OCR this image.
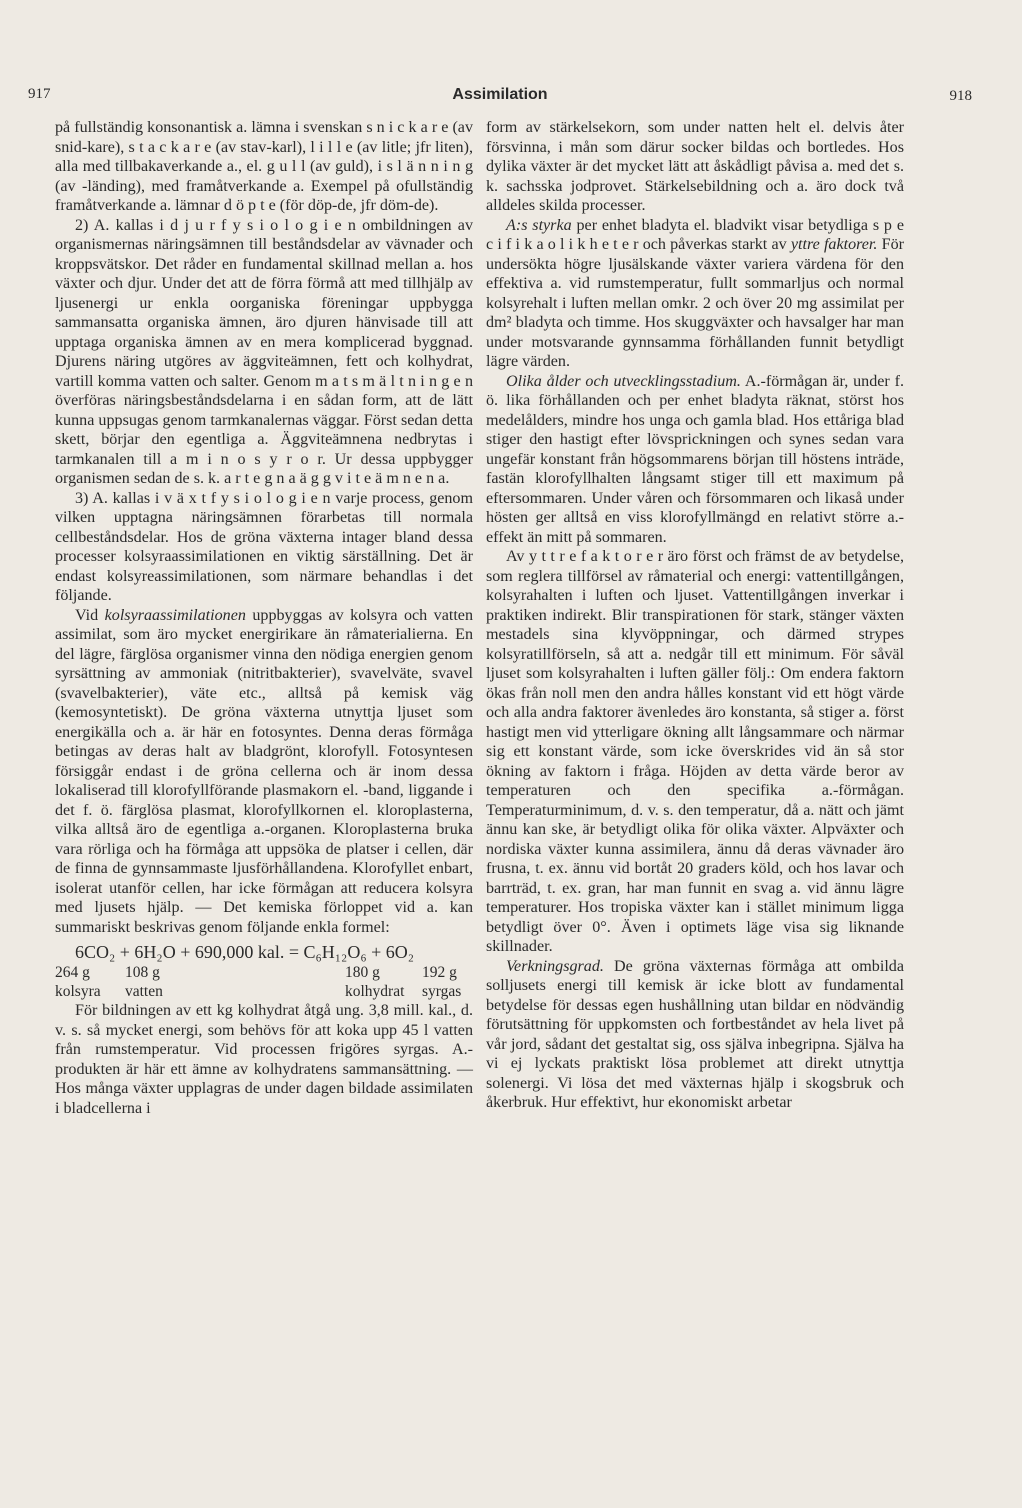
917	Assimilation	918

på fullständig konsonantisk a. lämna i svenskan s n i c k a r e (av snid-kare), s t a c k a r e (av stav-karl), l i l l e (av litle; jfr liten), alla med tillbakaverkande a., el. g u l l (av guld), i s l ä n n i n g (av -länding), med framåtverkande a. Exempel på ofullständig framåtverkande a. lämnar d ö p t e (för döp-de, jfr döm-de).

2) A. kallas i d j u r f y s i o l o g i e n ombildningen av organismernas näringsämnen till beståndsdelar av vävnader och kroppsvätskor. Det råder en fundamental skillnad mellan a. hos växter och djur. Under det att de förra förmå att med tillhjälp av ljusenergi ur enkla oorganiska föreningar uppbygga sammansatta organiska ämnen, äro djuren hänvisade till att upptaga organiska ämnen av en mera komplicerad byggnad. Djurens näring utgöres av äggviteämnen, fett och kolhydrat, vartill komma vatten och salter. Genom m a t s m ä l t n i n g e n överföras näringsbeståndsdelarna i en sådan form, att de lätt kunna uppsugas genom tarmkanalernas väggar. Först sedan detta skett, börjar den egentliga a. Äggviteämnena nedbrytas i tarmkanalen till a m i n o s y r o r. Ur dessa uppbygger organismen sedan de s. k. a r t e g n a ä g g v i t e ä m n e n a.

3) A. kallas i v ä x t f y s i o l o g i e n varje process, genom vilken upptagna näringsämnen förarbetas till normala cellbeståndsdelar. Hos de gröna växterna intager bland dessa processer kolsyraassimilationen en viktig särställning. Det är endast kolsyreassimilationen, som närmare behandlas i det följande.

Vid kolsyraassimilationen uppbyggas av kolsyra och vatten assimilat, som äro mycket energirikare än råmaterialierna. En del lägre, färglösa organismer vinna den nödiga energien genom syrsättning av ammoniak (nitritbakterier), svavelväte, svavel (svavelbakterier), väte etc., alltså på kemisk väg (kemosyntetiskt). De gröna växterna utnyttja ljuset som energikälla och a. är här en fotosyntes. Denna deras förmåga betingas av deras halt av bladgrönt, klorofyll. Fotosyntesen försiggår endast i de gröna cellerna och är inom dessa lokaliserad till klorofyllförande plasmakorn el. -band, liggande i det f. ö. färglösa plasmat, klorofyllkornen el. kloroplasterna, vilka alltså äro de egentliga a.-organen. Kloroplasterna bruka vara rörliga och ha förmåga att uppsöka de platser i cellen, där de finna de gynnsammaste ljusförhållandena. Klorofyllet enbart, isolerat utanför cellen, har icke förmågan att reducera kolsyra med ljusets hjälp. — Det kemiska förloppet vid a. kan summariskt beskrivas genom följande enkla formel:

6CO₂ + 6H₂O + 690,000 kal. = C₆H₁₂O₆ + 6O₂
264 g	108 g	180 g	192 g
kolsyra	vatten	kolhydrat	syrgas

För bildningen av ett kg kolhydrat åtgå ung. 3,8 mill. kal., d. v. s. så mycket energi, som behövs för att koka upp 45 l vatten från rumstemperatur. Vid processen frigöres syrgas. A.-produkten är här ett ämne av kolhydratens sammansättning. — Hos många växter upplagras de under dagen bildade assimilaten i bladcellerna i

form av stärkelsekorn, som under natten helt el. delvis åter försvinna, i mån som därur socker bildas och bortledes. Hos dylika växter är det mycket lätt att åskådligt påvisa a. med det s. k. sachsska jodprovet. Stärkelsebildning och a. äro dock två alldeles skilda processer.

A:s styrka per enhet bladyta el. bladvikt visar betydliga s p e c i f i k a o l i k h e t e r och påverkas starkt av yttre faktorer. För undersökta högre ljusälskande växter variera värdena för den effektiva a. vid rumstemperatur, fullt sommarljus och normal kolsyrehalt i luften mellan omkr. 2 och över 20 mg assimilat per dm² bladyta och timme. Hos skuggväxter och havsalger har man under motsvarande gynnsamma förhållanden funnit betydligt lägre värden.

Olika ålder och utvecklingsstadium. A.-förmågan är, under f. ö. lika förhållanden och per enhet bladyta räknat, störst hos medelålders, mindre hos unga och gamla blad. Hos ettåriga blad stiger den hastigt efter lövsprickningen och synes sedan vara ungefär konstant från högsommarens början till höstens inträde, fastän klorofyllhalten långsamt stiger till ett maximum på eftersommaren. Under våren och försommaren och likaså under hösten ger alltså en viss klorofyllmängd en relativt större a.-effekt än mitt på sommaren.

Av y t t r e f a k t o r e r äro först och främst de av betydelse, som reglera tillförsel av råmaterial och energi: vattentillgången, kolsyrahalten i luften och ljuset. Vattentillgången inverkar i praktiken indirekt. Blir transpirationen för stark, stänger växten mestadels sina klyvöppningar, och därmed strypes kolsyratillförseln, så att a. nedgår till ett minimum. För såväl ljuset som kolsyrahalten i luften gäller följ.: Om endera faktorn ökas från noll men den andra hålles konstant vid ett högt värde och alla andra faktorer ävenledes äro konstanta, så stiger a. först hastigt men vid ytterligare ökning allt långsammare och närmar sig ett konstant värde, som icke överskrides vid än så stor ökning av faktorn i fråga. Höjden av detta värde beror av temperaturen och den specifika a.-förmågan. Temperaturminimum, d. v. s. den temperatur, då a. nätt och jämt ännu kan ske, är betydligt olika för olika växter. Alpväxter och nordiska växter kunna assimilera, ännu då deras vävnader äro frusna, t. ex. ännu vid bortåt 20 graders köld, och hos lavar och barrträd, t. ex. gran, har man funnit en svag a. vid ännu lägre temperaturer. Hos tropiska växter kan i stället minimum ligga betydligt över 0°. Även i optimets läge visa sig liknande skillnader.

Verkningsgrad. De gröna växternas förmåga att ombilda solljusets energi till kemisk är icke blott av fundamental betydelse för dessas egen hushållning utan bildar en nödvändig förutsättning för uppkomsten och fortbeståndet av hela livet på vår jord, sådant det gestaltat sig, oss själva inbegripna. Själva ha vi ej lyckats praktiskt lösa problemet att direkt utnyttja solenergi. Vi lösa det med växternas hjälp i skogsbruk och åkerbruk. Hur effektivt, hur ekonomiskt arbetar
